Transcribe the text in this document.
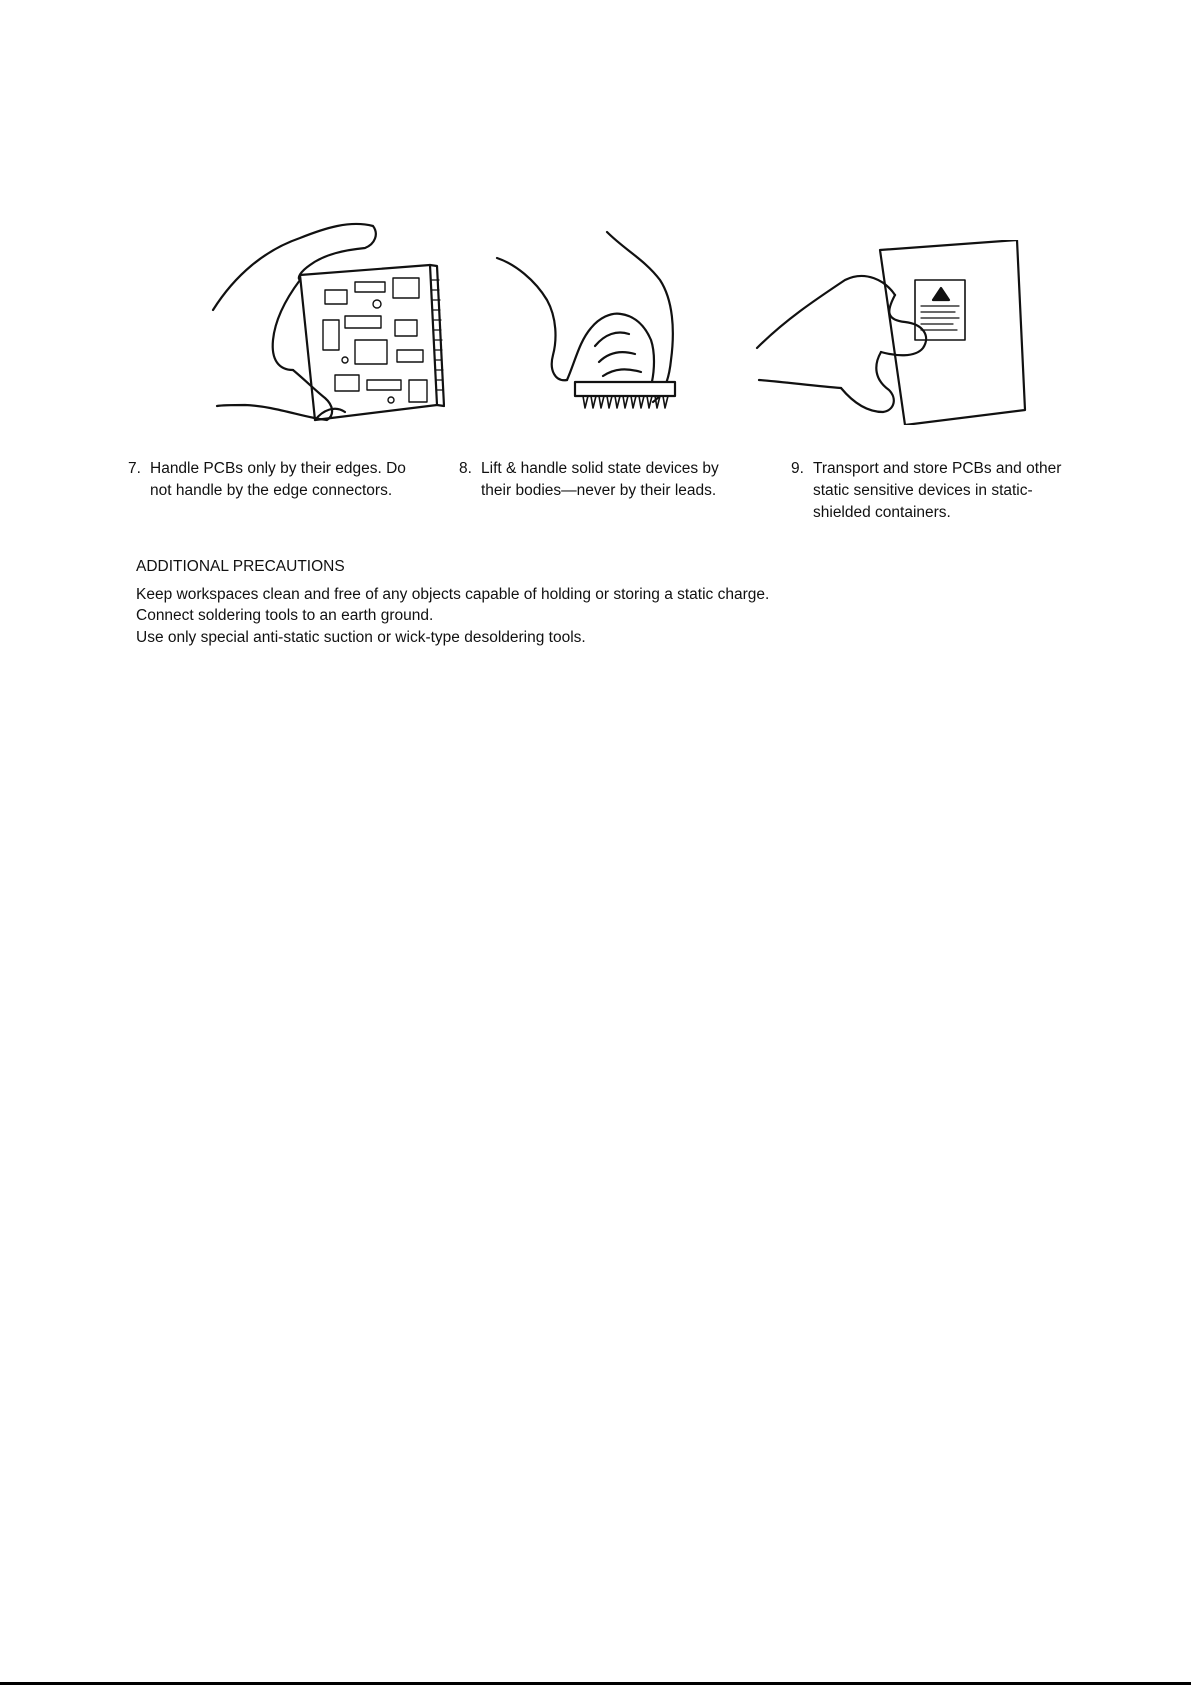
7. Handle PCBs only by their edges. Do
not handle by the edge connectors.
8. Lift & handle solid state devices by
their bodies—never by their leads.
9. Transport and store PCBs and other
static sensitive devices in static-
shielded containers.
ADDITIONAL PRECAUTIONS
Keep workspaces clean and free of any objects capable of holding or storing a static charge.
Connect soldering tools to an earth ground.
Use only special anti-static suction or wick-type desoldering tools.
